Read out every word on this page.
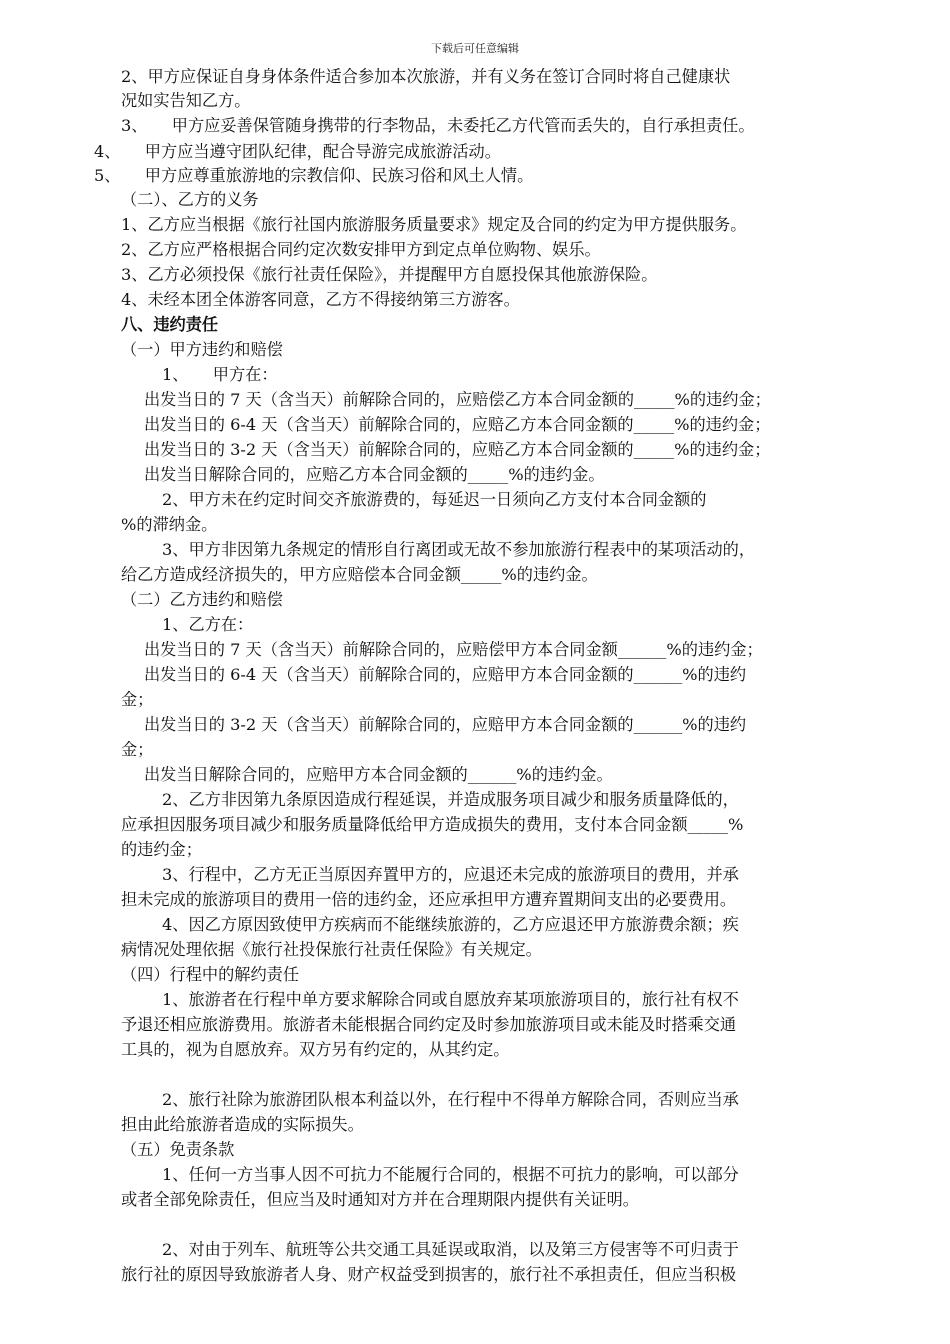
下载后可任意编辑
2、甲方应保证自身身体条件适合参加本次旅游，并有义务在签订合同时将自己健康状
况如实告知乙方。
3、　　甲方应妥善保管随身携带的行李物品，未委托乙方代管而丢失的，自行承担责任。
4、　　甲方应当遵守团队纪律，配合导游完成旅游活动。
5、　　甲方应尊重旅游地的宗教信仰、民族习俗和风土人情。
（二）、乙方的义务
1、乙方应当根据《旅行社国内旅游服务质量要求》规定及合同的约定为甲方提供服务。
2、乙方应严格根据合同约定次数安排甲方到定点单位购物、娱乐。
3、乙方必须投保《旅行社责任保险》，并提醒甲方自愿投保其他旅游保险。
4、未经本团全体游客同意，乙方不得接纳第三方游客。
八、违约责任
（一）甲方违约和赔偿
1、　　甲方在：
出发当日的 7 天（含当天）前解除合同的，应赔偿乙方本合同金额的_____%的违约金；
出发当日的 6-4 天（含当天）前解除合同的，应赔乙方本合同金额的_____%的违约金；
出发当日的 3-2 天（含当天）前解除合同的，应赔乙方本合同金额的_____%的违约金；
出发当日解除合同的，应赔乙方本合同金额的_____%的违约金。
2、甲方未在约定时间交齐旅游费的，每延迟一日须向乙方支付本合同金额的
%的滞纳金。
3、甲方非因第九条规定的情形自行离团或无故不参加旅游行程表中的某项活动的，
给乙方造成经济损失的，甲方应赔偿本合同金额_____%的违约金。
（二）乙方违约和赔偿
1、乙方在：
出发当日的 7 天（含当天）前解除合同的，应赔偿甲方本合同金额______%的违约金；
出发当日的 6-4 天（含当天）前解除合同的，应赔甲方本合同金额的______%的违约
金；
出发当日的 3-2 天（含当天）前解除合同的，应赔甲方本合同金额的______%的违约
金；
出发当日解除合同的，应赔甲方本合同金额的______%的违约金。
2、乙方非因第九条原因造成行程延误，并造成服务项目减少和服务质量降低的，
应承担因服务项目减少和服务质量降低给甲方造成损失的费用，支付本合同金额_____%
的违约金；
3、行程中，乙方无正当原因弃置甲方的，应退还未完成的旅游项目的费用，并承
担未完成的旅游项目的费用一倍的违约金，还应承担甲方遭弃置期间支出的必要费用。
4、因乙方原因致使甲方疾病而不能继续旅游的，乙方应退还甲方旅游费余额；疾
病情况处理依据《旅行社投保旅行社责任保险》有关规定。
（四）行程中的解约责任
1、旅游者在行程中单方要求解除合同或自愿放弃某项旅游项目的，旅行社有权不
予退还相应旅游费用。旅游者未能根据合同约定及时参加旅游项目或未能及时搭乘交通
工具的，视为自愿放弃。双方另有约定的，从其约定。
2、旅行社除为旅游团队根本利益以外，在行程中不得单方解除合同，否则应当承
担由此给旅游者造成的实际损失。
（五）免责条款
1、任何一方当事人因不可抗力不能履行合同的，根据不可抗力的影响，可以部分
或者全部免除责任，但应当及时通知对方并在合理期限内提供有关证明。
2、对由于列车、航班等公共交通工具延误或取消，以及第三方侵害等不可归责于
旅行社的原因导致旅游者人身、财产权益受到损害的，旅行社不承担责任，但应当积极
